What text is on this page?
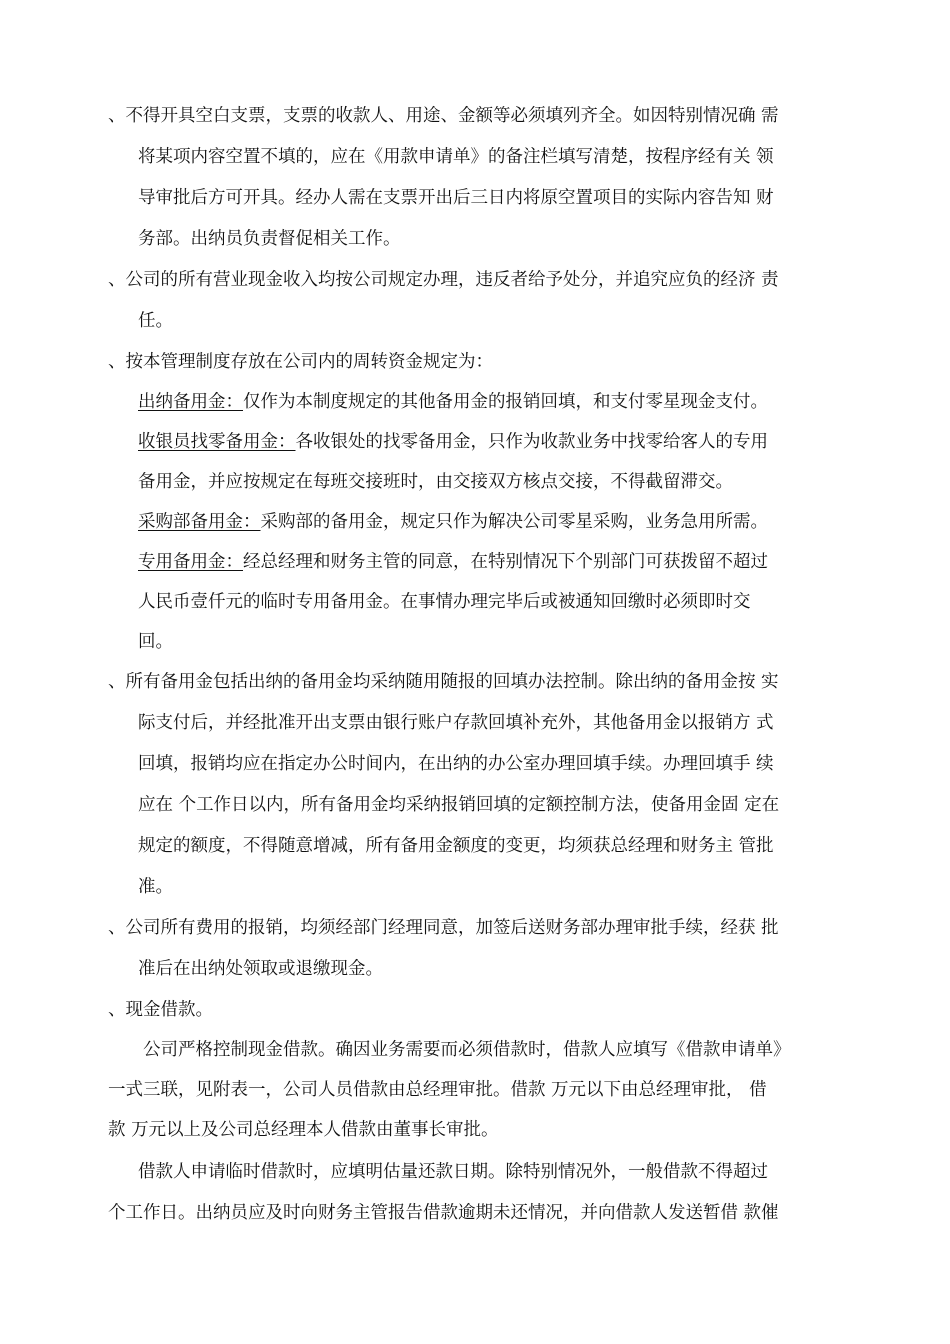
、不得开具空白支票，支票的收款人、用途、金额等必须填列齐全。如因特别情况确 需
将某项内容空置不填的，应在《用款申请单》的备注栏填写清楚，按程序经有关 领
导审批后方可开具。经办人需在支票开出后三日内将原空置项目的实际内容告知 财
务部。出纳员负责督促相关工作。
、公司的所有营业现金收入均按公司规定办理，违反者给予处分，并追究应负的经济 责
任。
、按本管理制度存放在公司内的周转资金规定为：
出纳备用金：仅作为本制度规定的其他备用金的报销回填，和支付零星现金支付。
收银员找零备用金：各收银处的找零备用金，只作为收款业务中找零给客人的专用
备用金，并应按规定在每班交接班时，由交接双方核点交接，不得截留滞交。
采购部备用金：采购部的备用金，规定只作为解决公司零星采购，业务急用所需。
专用备用金：经总经理和财务主管的同意，在特别情况下个别部门可获拨留不超过
人民币壹仟元的临时专用备用金。在事情办理完毕后或被通知回缴时必须即时交
回。
、所有备用金包括出纳的备用金均采纳随用随报的回填办法控制。除出纳的备用金按 实
际支付后，并经批准开出支票由银行账户存款回填补充外，其他备用金以报销方 式
回填，报销均应在指定办公时间内，在出纳的办公室办理回填手续。办理回填手 续
应在 个工作日以内，所有备用金均采纳报销回填的定额控制方法，使备用金固 定在
规定的额度，不得随意增减，所有备用金额度的变更，均须获总经理和财务主 管批
准。
、公司所有费用的报销，均须经部门经理同意，加签后送财务部办理审批手续，经获 批
准后在出纳处领取或退缴现金。
、现金借款。
公司严格控制现金借款。确因业务需要而必须借款时，借款人应填写《借款申请单》
一式三联，见附表一，公司人员借款由总经理审批。借款 万元以下由总经理审批， 借
款 万元以上及公司总经理本人借款由董事长审批。
借款人申请临时借款时，应填明估量还款日期。除特别情况外，一般借款不得超过
个工作日。出纳员应及时向财务主管报告借款逾期未还情况，并向借款人发送暂借 款催
